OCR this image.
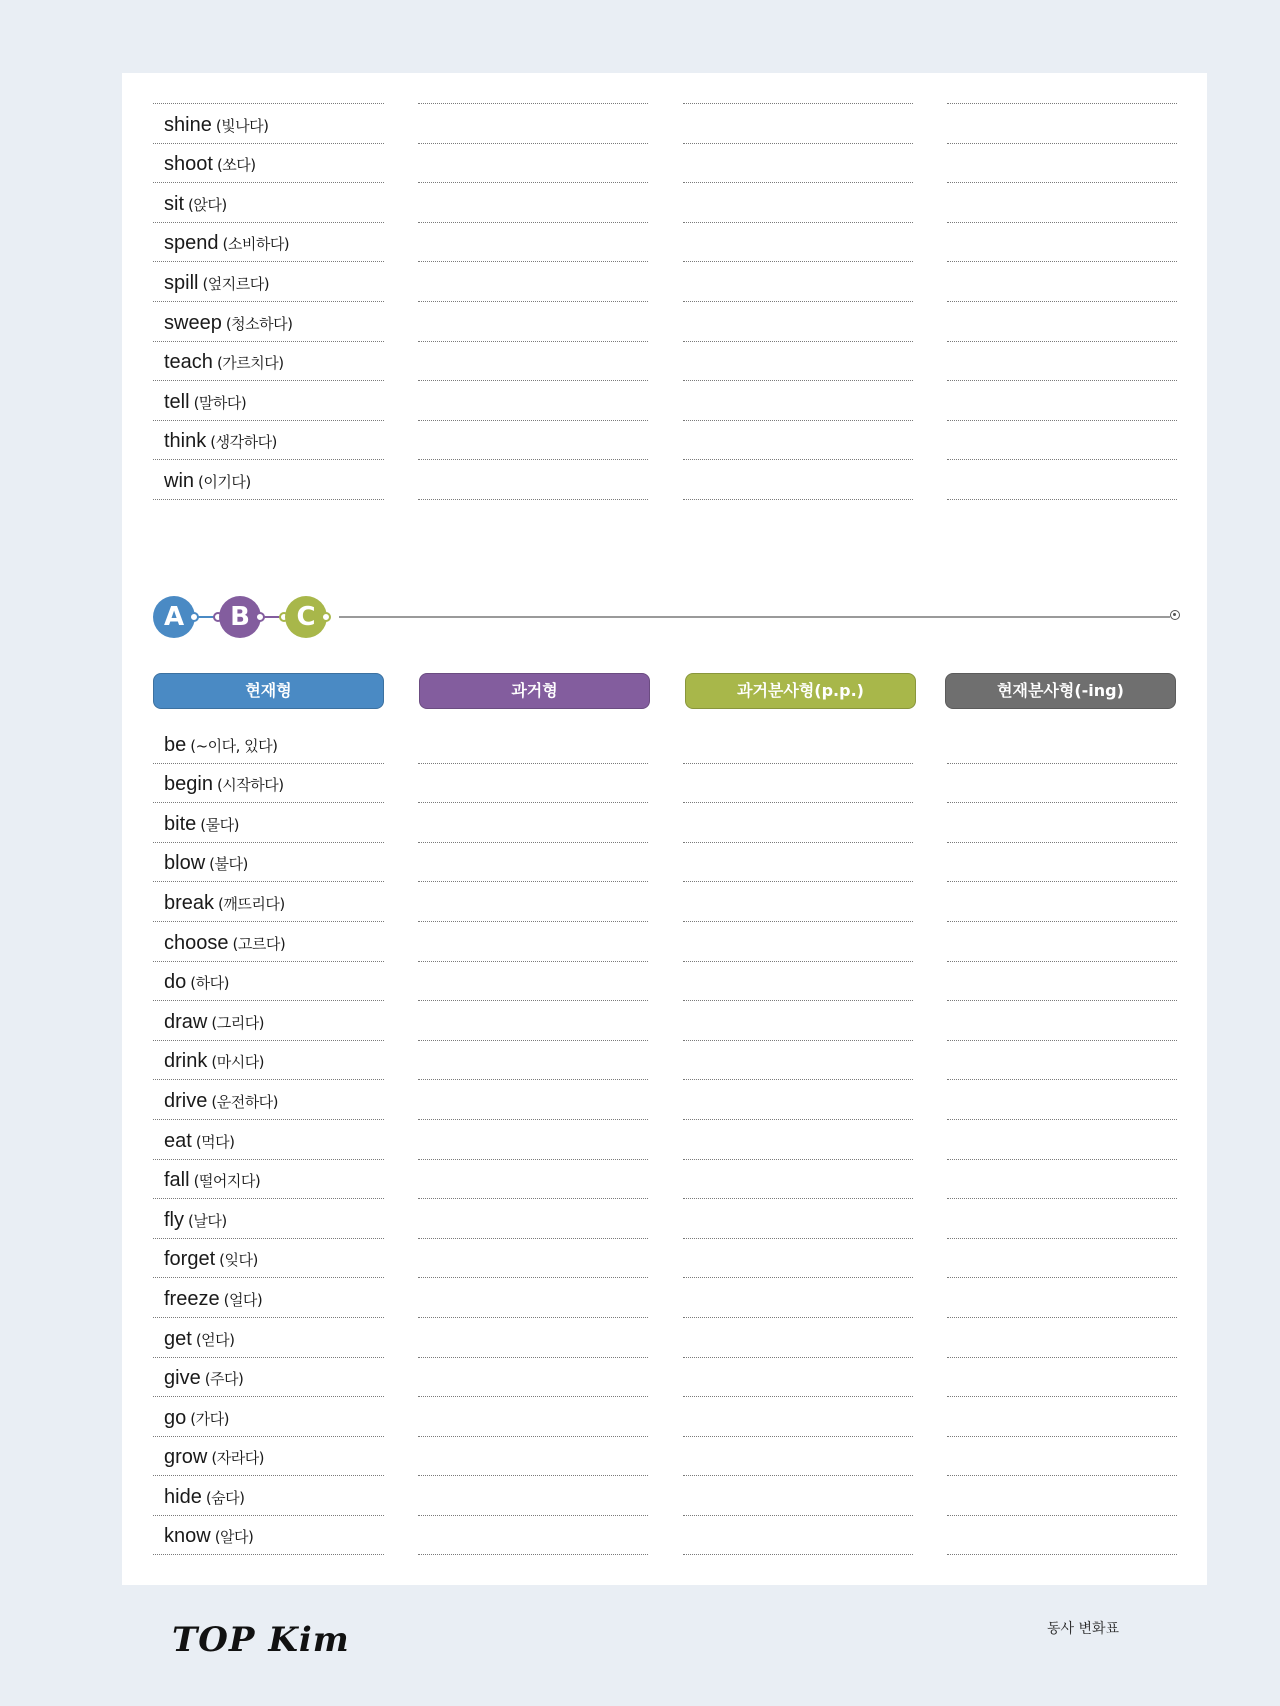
shine (빛나다)
shoot (쏘다)
sit (앉다)
spend (소비하다)
spill (엎지르다)
sweep (청소하다)
teach (가르치다)
tell (말하다)
think (생각하다)
win (이기다)
A	B	C
현재형	과거형	과거분사형(p.p.)	현재분사형(-ing)
be (~이다, 있다)
begin (시작하다)
bite (물다)
blow (불다)
break (깨뜨리다)
choose (고르다)
do (하다)
draw (그리다)
drink (마시다)
drive (운전하다)
eat (먹다)
fall (떨어지다)
fly (날다)
forget (잊다)
freeze (얼다)
get (얻다)
give (주다)
go (가다)
grow (자라다)
hide (숨다)
know (알다)
TOP Kim	동사 변화표
